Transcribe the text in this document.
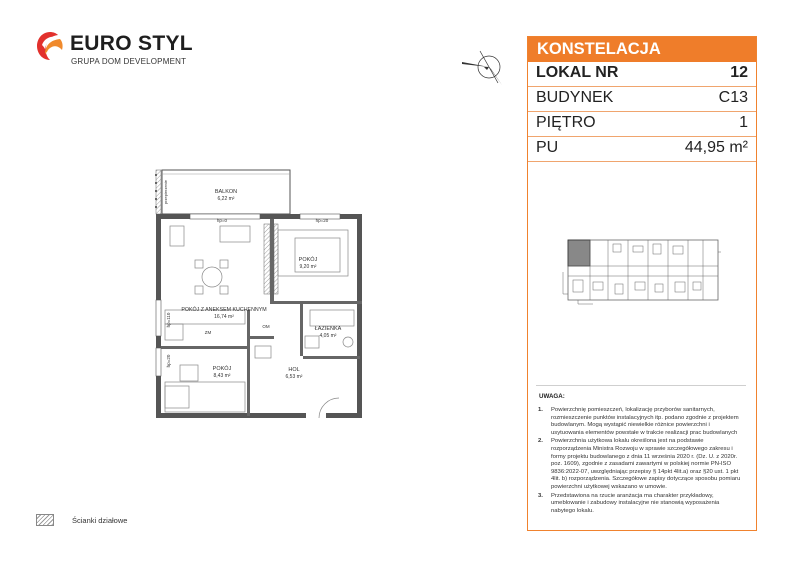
EURO STYL
GRUPA DOM DEVELOPMENT
KONSTELACJA
LOKAL NR	12
BUDYNEK	C13
PIĘTRO	1
PU	44,95 m²
UWAGA:
1. Powierzchnię pomieszczeń, lokalizację przyborów sanitarnych, rozmieszczenie punktów instalacyjnych itp. podano zgodnie z projektem budowlanym. Mogą wystąpić niewielkie różnice powierzchni i usytuowania elementów powstałe w trakcie realizacji prac budowlanych
2. Powierzchnia użytkowa lokalu określona jest na podstawie rozporządzenia Ministra Rozwoju w sprawie szczegółowego zakresu i formy projektu budowlanego z dnia 11 września 2020 r. (Dz. U. z 2020r. poz. 1609), zgodnie z zasadami zawartymi w polskiej normie PN-ISO 9836:2022-07, uwzględniając przepisy § 14pkt 4lit.a) oraz §20 ust. 1 pkt 4lit. b) rozporządzenia. Szczegółowe zapisy dotyczące sposobu pomiaru powierzchni użytkowej wskazano w umowie.
3. Przedstawiona na rzucie aranżacja ma charakter przykładowy, umeblowanie i zabudowy instalacyjne nie stanowią wyposażenia nabytego lokalu.
BALKON
6,22 m²
POKÓJ
9,20 m²
POKÓJ Z ANEKSEM KUCHENNYM
16,74 m²
ŁAZIENKA
4,05 m²
POKÓJ
8,43 m²
HOL
6,53 m²
hp=0	hp=20
ZM
OM
hp=110
hp=20
przepierzenie
Ścianki działowe
